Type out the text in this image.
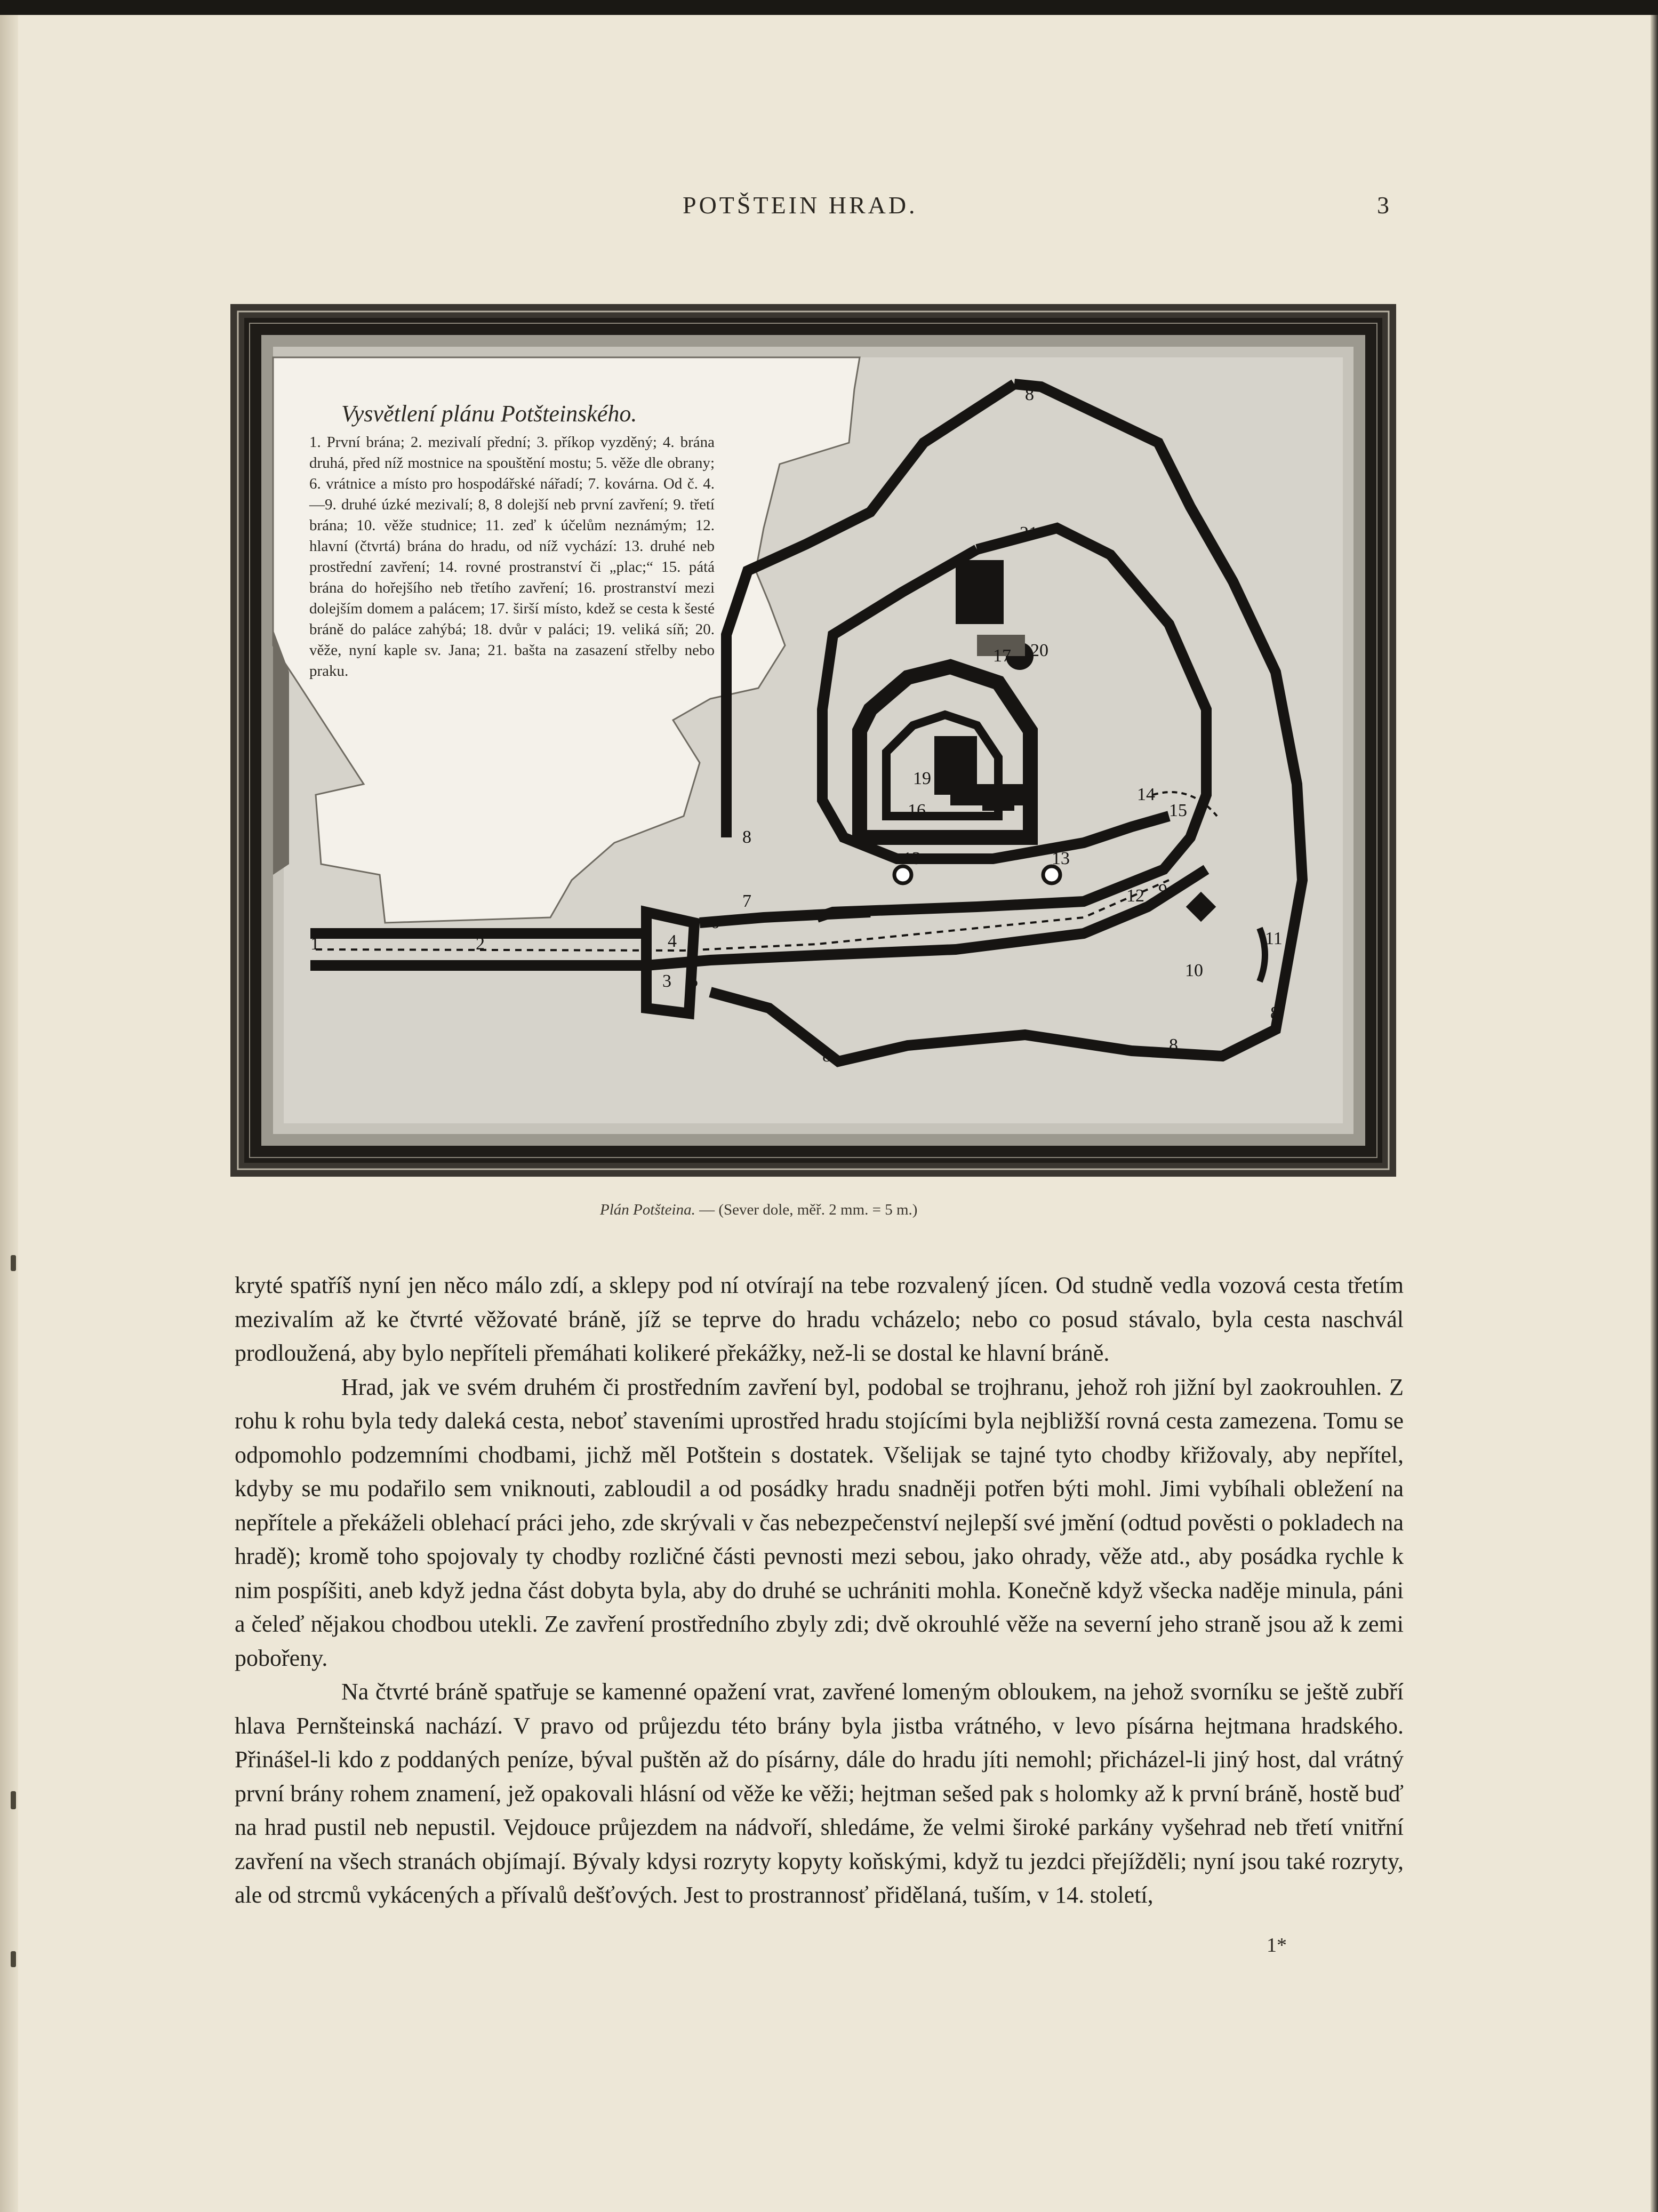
POTŠTEIN HRAD.	3
1	2
3
4
5
6
7
8
8
8
8
8
9
10
11
12
13	13
14
15
16
17
18
19
20
21
Vysvětlení plánu Potšteinského.
1. První brána; 2. mezivalí přední; 3. příkop vyzděný; 4. brána druhá, před níž mostnice na spouštění mostu; 5. věže dle obrany; 6. vrátnice a místo pro hospodářské nářadí; 7. kovárna. Od č. 4.—9. druhé úzké mezivalí; 8, 8 dolejší neb první zavření; 9. třetí brána; 10. věže studnice; 11. zeď k účelům neznámým; 12. hlavní (čtvrtá) brána do hradu, od níž vychází: 13. druhé neb prostřední zavření; 14. rovné prostranství či „plac;“ 15. pátá brána do hořejšího neb třetího zavření; 16. prostranství mezi dolejším domem a palácem; 17. širší místo, kdež se cesta k šesté bráně do paláce zahýbá; 18. dvůr v paláci; 19. veliká síň; 20. věže, nyní kaple sv. Jana; 21. bašta na zasazení střelby nebo praku.
Plán Potšteina. — (Sever dole, měř. 2 mm. = 5 m.)

kryté spatříš nyní jen něco málo zdí, a sklepy pod ní otvírají na tebe rozvalený jícen. Od studně vedla vozová cesta třetím mezivalím až ke čtvrté věžovaté bráně, jíž se teprve do hradu vcházelo; nebo co posud stávalo, byla cesta naschvál prodloužená, aby bylo nepříteli přemáhati kolikeré překážky, než-li se dostal ke hlavní bráně.

Hrad, jak ve svém druhém či prostředním zavření byl, podobal se trojhranu, jehož roh jižní byl zaokrouhlen. Z rohu k rohu byla tedy daleká cesta, neboť staveními uprostřed hradu stojícími byla nejbližší rovná cesta zamezena. Tomu se odpomohlo podzemními chodbami, jichž měl Potštein s dostatek. Všelijak se tajné tyto chodby křižovaly, aby nepřítel, kdyby se mu podařilo sem vniknouti, zabloudil a od posádky hradu snadněji potřen býti mohl. Jimi vybíhali obležení na nepřítele a překáželi oblehací práci jeho, zde skrývali v čas nebezpečenství nejlepší své jmění (odtud pověsti o pokladech na hradě); kromě toho spojovaly ty chodby rozličné části pevnosti mezi sebou, jako ohrady, věže atd., aby posádka rychle k nim pospíšiti, aneb když jedna část dobyta byla, aby do druhé se uchrániti mohla. Konečně když všecka naděje minula, páni a čeleď nějakou chodbou utekli. Ze zavření prostředního zbyly zdi; dvě okrouhlé věže na severní jeho straně jsou až k zemi pobořeny.

Na čtvrté bráně spatřuje se kamenné opažení vrat, zavřené lomeným obloukem, na jehož svorníku se ještě zubří hlava Pernšteinská nachází. V pravo od průjezdu této brány byla jistba vrátného, v levo písárna hejtmana hradského. Přinášel-li kdo z poddaných peníze, býval puštěn až do písárny, dále do hradu jíti nemohl; přicházel-li jiný host, dal vrátný první brány rohem znamení, jež opakovali hlásní od věže ke věži; hejtman sešed pak s holomky až k první bráně, hostě buď na hrad pustil neb nepustil. Vejdouce průjezdem na nádvoří, shledáme, že velmi široké parkány vyšehrad neb třetí vnitřní zavření na všech stranách objímají. Bývaly kdysi rozryty kopyty koňskými, když tu jezdci přejížděli; nyní jsou také rozryty, ale od strcmů vykácených a přívalů dešťových. Jest to prostrannosť přidělaná, tuším, v 14. století,

1*
